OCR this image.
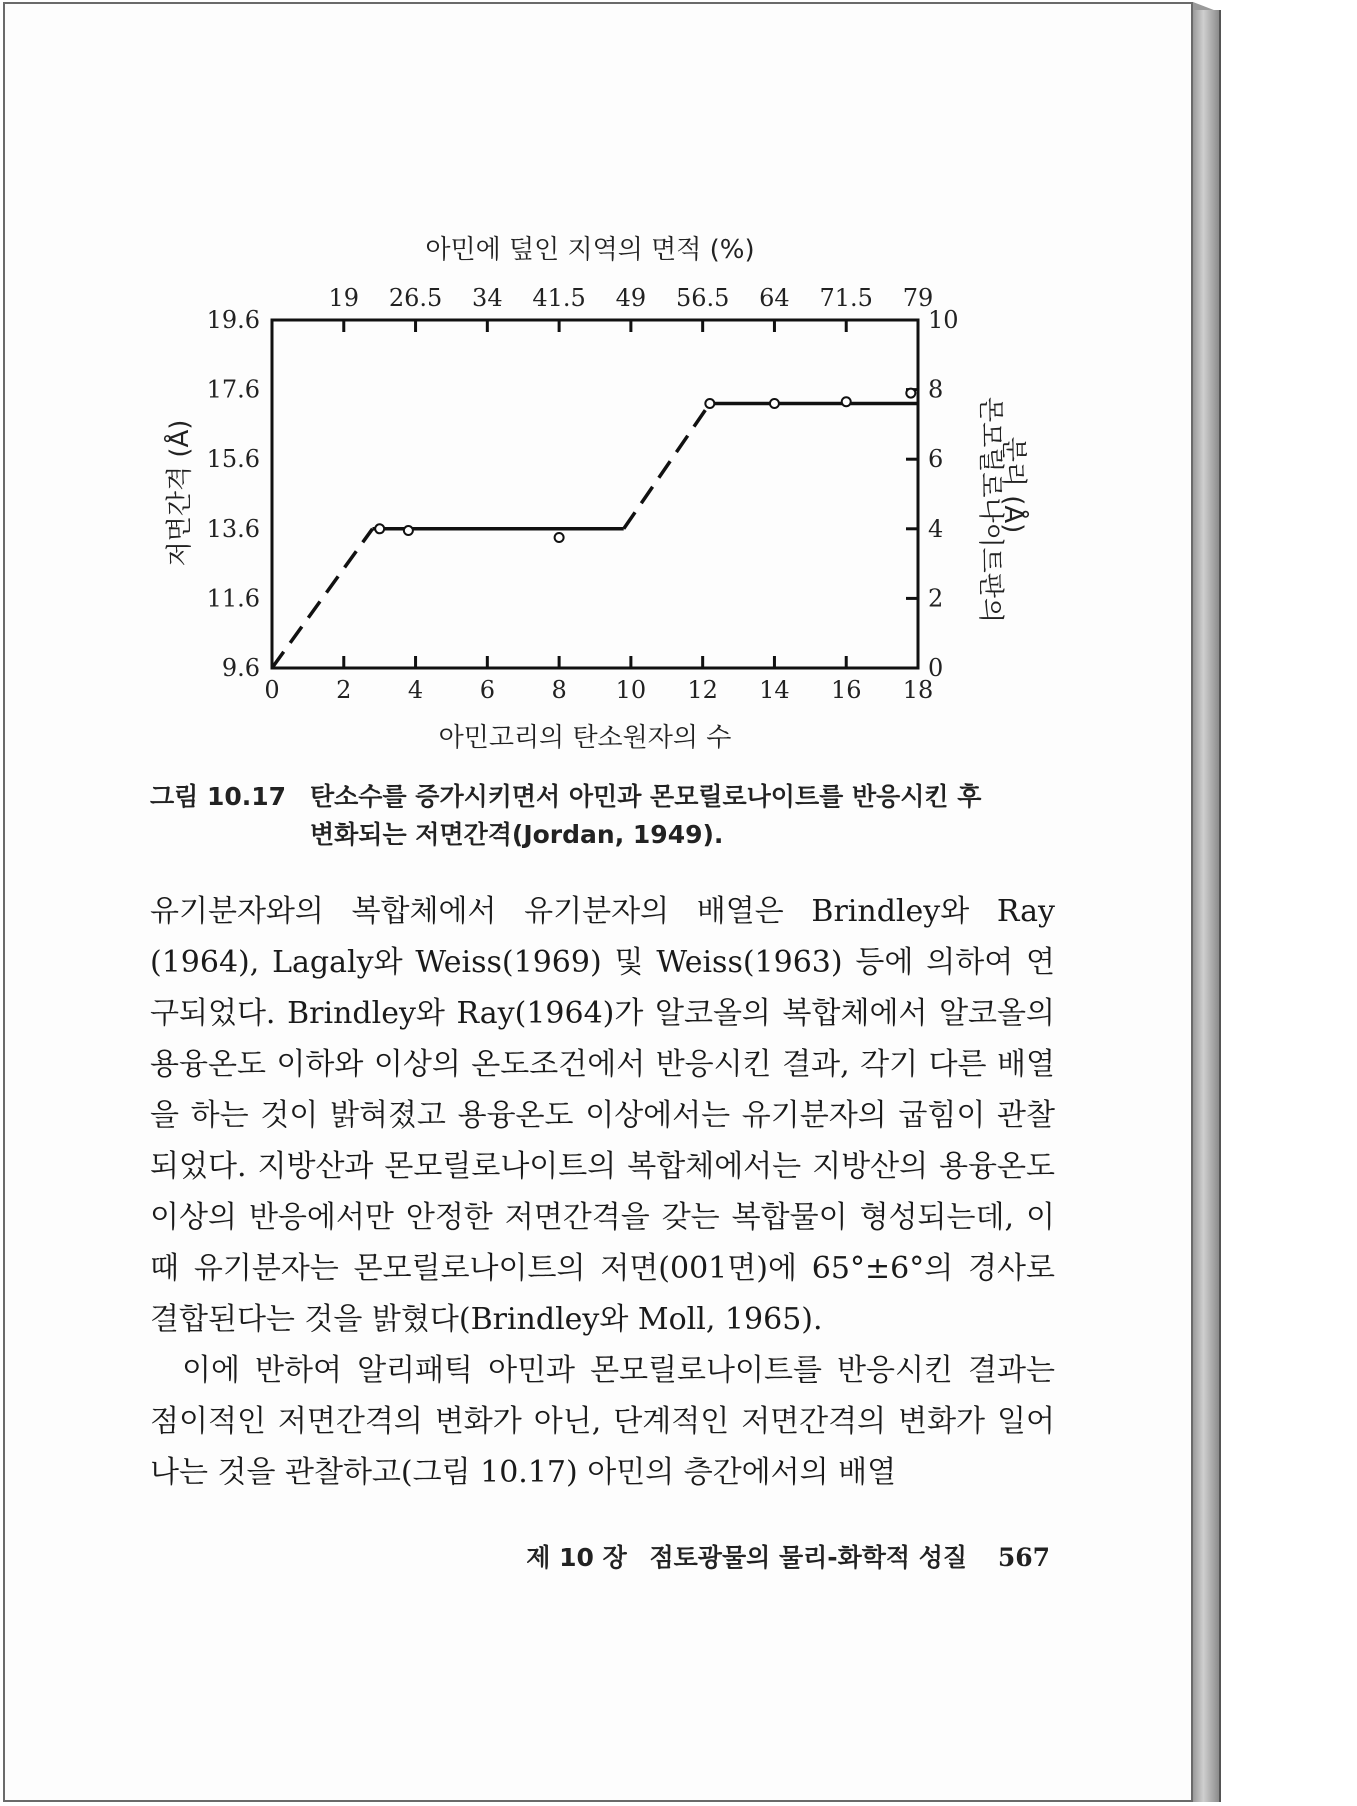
아민에 덮인 지역의 면적 (%)
19 26.5 34 41.5 49 56.5 64 71.5 79
9.6
11.6
13.6
15.6
17.6
19.6
0
2
4
6
8
10
0 2 4 6 8 10 12 14 16 18
저면간격 (Å)	몬모릴로나이트판의
분리 (Å)
아민고리의 탄소원자의 수
그림 10.17 탄소수를 증가시키면서 아민과 몬모릴로나이트를 반응시킨 후
변화되는 저면간격(Jordan, 1949).

유기분자와의 복합체에서 유기분자의 배열은 Brindley와 Ray (1964), Lagaly와 Weiss(1969) 및 Weiss(1963) 등에 의하여 연구되었다. Brindley와 Ray(1964)가 알코올의 복합체에서 알코올의 용융온도 이하와 이상의 온도조건에서 반응시킨 결과, 각기 다른 배열을 하는 것이 밝혀졌고 용융온도 이상에서는 유기분자의 굽힘이 관찰되었다. 지방산과 몬모릴로나이트의 복합체에서는 지방산의 용융온도 이상의 반응에서만 안정한 저면간격을 갖는 복합물이 형성되는데, 이 때 유기분자는 몬모릴로나이트의 저면(001면)에 65°±6°의 경사로 결합된다는 것을 밝혔다(Brindley와 Moll, 1965).

이에 반하여 알리패틱 아민과 몬모릴로나이트를 반응시킨 결과는 점이적인 저면간격의 변화가 아닌, 단계적인 저면간격의 변화가 일어나는 것을 관찰하고(그림 10.17) 아민의 층간에서의 배열

제 10 장 점토광물의 물리-화학적 성질 567
